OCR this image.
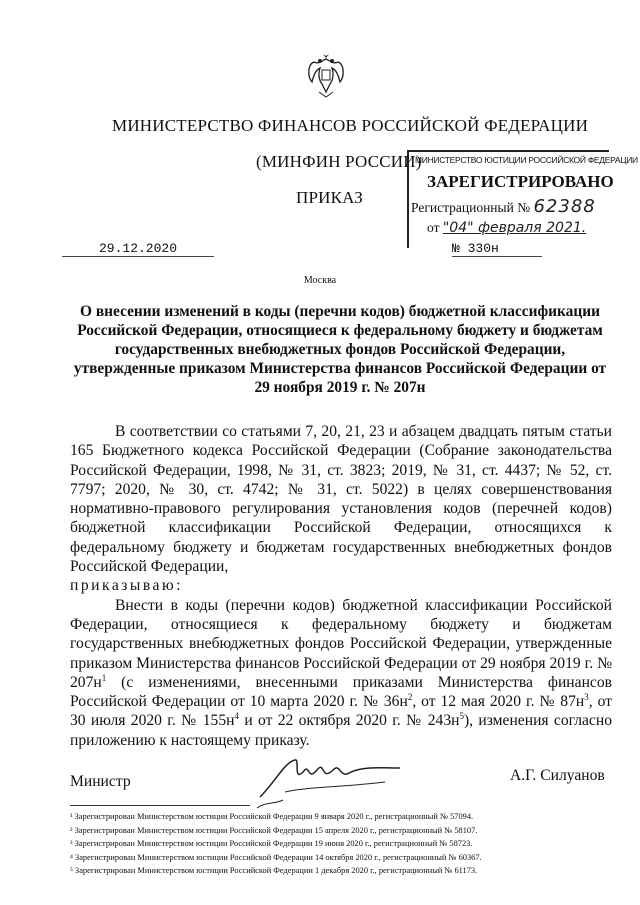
МИНИСТЕРСТВО ФИНАНСОВ РОССИЙСКОЙ ФЕДЕРАЦИИ
(МИНФИН РОССИИ)
ПРИКАЗ
МИНИСТЕРСТВО ЮСТИЦИИ РОССИЙСКОЙ ФЕДЕРАЦИИ
ЗАРЕГИСТРИРОВАНО
Регистрационный № 62388
от "04" февраля 2021.
29.12.2020	№ 330н
Москва
О внесении изменений в коды (перечни кодов) бюджетной классификации Российской Федерации, относящиеся к федеральному бюджету и бюджетам государственных внебюджетных фондов Российской Федерации, утвержденные приказом Министерства финансов Российской Федерации от 29 ноября 2019 г. № 207н

В соответствии со статьями 7, 20, 21, 23 и абзацем двадцать пятым статьи 165 Бюджетного кодекса Российской Федерации (Собрание законодательства Российской Федерации, 1998, № 31, ст. 3823; 2019, № 31, ст. 4437; № 52, ст. 7797; 2020, № 30, ст. 4742; № 31, ст. 5022) в целях совершенствования нормативно-правового регулирования установления кодов (перечней кодов) бюджетной классификации Российской Федерации, относящихся к федеральному бюджету и бюджетам государственных внебюджетных фондов Российской Федерации,

приказываю:

Внести в коды (перечни кодов) бюджетной классификации Российской Федерации, относящиеся к федеральному бюджету и бюджетам государственных внебюджетных фондов Российской Федерации, утвержденные приказом Министерства финансов Российской Федерации от 29 ноября 2019 г. № $207н^1$ (с изменениями, внесенными приказами Министерства финансов Российской Федерации от 10 марта 2020 г. № $36н^2$, от 12 мая 2020 г. № $87н^3$, от 30 июля 2020 г. № $155н^4$ и от 22 октября 2020 г. № $243н^5$), изменения согласно приложению к настоящему приказу.

Министр	А.Г. Силуанов
¹ Зарегистрирован Министерством юстиции Российской Федерации 9 января 2020 г., регистрационный № 57094.
² Зарегистрирован Министерством юстиции Российской Федерации 15 апреля 2020 г., регистрационный № 58107.
³ Зарегистрирован Министерством юстиции Российской Федерации 19 июня 2020 г., регистрационный № 58723.
⁴ Зарегистрирован Министерством юстиции Российской Федерации 14 октября 2020 г., регистрационный № 60367.
⁵ Зарегистрирован Министерством юстиции Российской Федерации 1 декабря 2020 г., регистрационный № 61173.
